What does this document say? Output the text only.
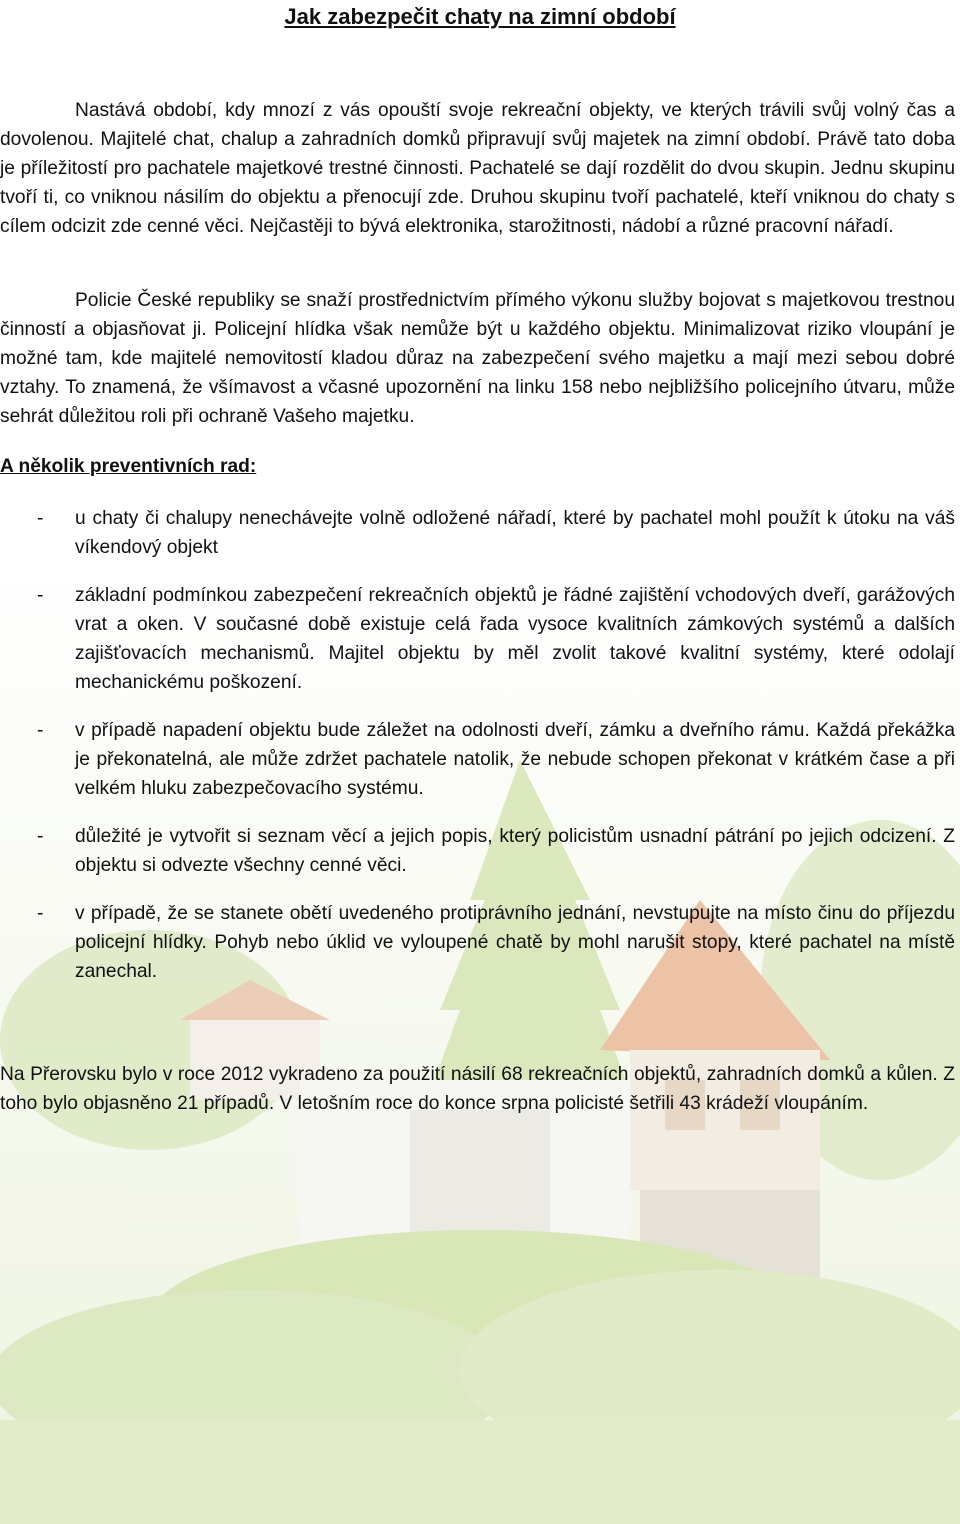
Jak zabezpečit chaty na zimní období

Nastává období, kdy mnozí z vás opouští svoje rekreační objekty, ve kterých trávili svůj volný čas a dovolenou. Majitelé chat, chalup a zahradních domků připravují svůj majetek na zimní období. Právě tato doba je příležitostí pro pachatele majetkové trestné činnosti. Pachatelé se dají rozdělit do dvou skupin. Jednu skupinu tvoří ti, co vniknou násilím do objektu a přenocují zde. Druhou skupinu tvoří pachatelé, kteří vniknou do chaty s cílem odcizit zde cenné věci. Nejčastěji to bývá elektronika, starožitnosti, nádobí a různé pracovní nářadí.

Policie České republiky se snaží prostřednictvím přímého výkonu služby bojovat s majetkovou trestnou činností a objasňovat ji. Policejní hlídka však nemůže být u každého objektu. Minimalizovat riziko vloupání je možné tam, kde majitelé nemovitostí kladou důraz na zabezpečení svého majetku a mají mezi sebou dobré vztahy. To znamená, že všímavost a včasné upozornění na linku 158 nebo nejbližšího policejního útvaru, může sehrát důležitou roli při ochraně Vašeho majetku.

A několik preventivních rad:

- u chaty či chalupy nenechávejte volně odložené nářadí, které by pachatel mohl použít k útoku na váš víkendový objekt

- základní podmínkou zabezpečení rekreačních objektů je řádné zajištění vchodových dveří, garážových vrat a oken. V současné době existuje celá řada vysoce kvalitních zámkových systémů a dalších zajišťovacích mechanismů. Majitel objektu by měl zvolit takové kvalitní systémy, které odolají mechanickému poškození.

- v případě napadení objektu bude záležet na odolnosti dveří, zámku a dveřního rámu. Každá překážka je překonatelná, ale může zdržet pachatele natolik, že nebude schopen překonat v krátkém čase a při velkém hluku zabezpečovacího systému.

- důležité je vytvořit si seznam věcí a jejich popis, který policistům usnadní pátrání po jejich odcizení. Z objektu si odvezte všechny cenné věci.

- v případě, že se stanete obětí uvedeného protiprávního jednání, nevstupujte na místo činu do příjezdu policejní hlídky. Pohyb nebo úklid ve vyloupené chatě by mohl narušit stopy, které pachatel na místě zanechal.

Na Přerovsku bylo v roce 2012 vykradeno za použití násilí 68 rekreačních objektů, zahradních domků a kůlen. Z toho bylo objasněno 21 případů. V letošním roce do konce srpna policisté šetřili 43 krádeží vloupáním.
